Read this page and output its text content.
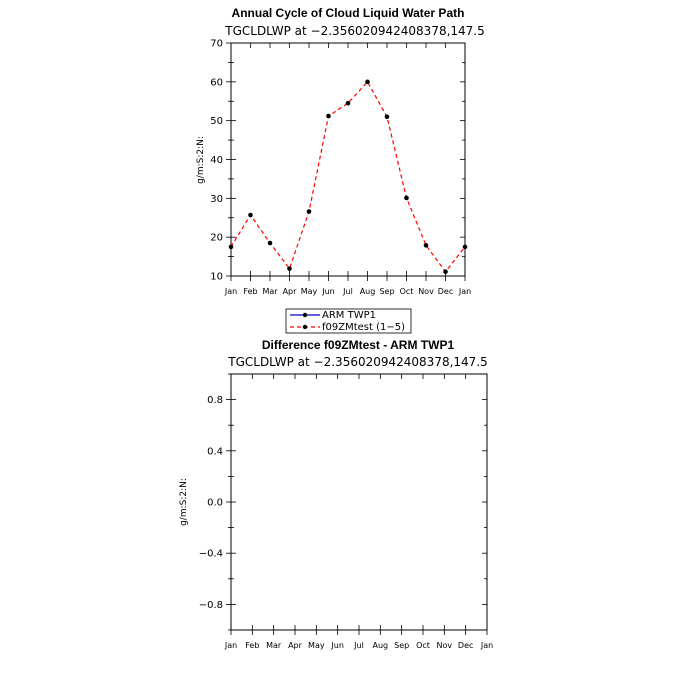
Annual Cycle of Cloud Liquid Water Path
TGCLDLWP at −2.356020942408378,147.5
g/m:S:2:N:
10
20
30
40
50
60
70
Jan Feb Mar Apr May Jun Jul Aug Sep Oct Nov Dec Jan
ARM TWP1
f09ZMtest (1−5)
Difference f09ZMtest - ARM TWP1
TGCLDLWP at −2.356020942408378,147.5
g/m:S:2:N:
−0.8
−0.4
0.0
0.4
0.8
Jan Feb Mar Apr May Jun Jul Aug Sep Oct Nov Dec Jan
